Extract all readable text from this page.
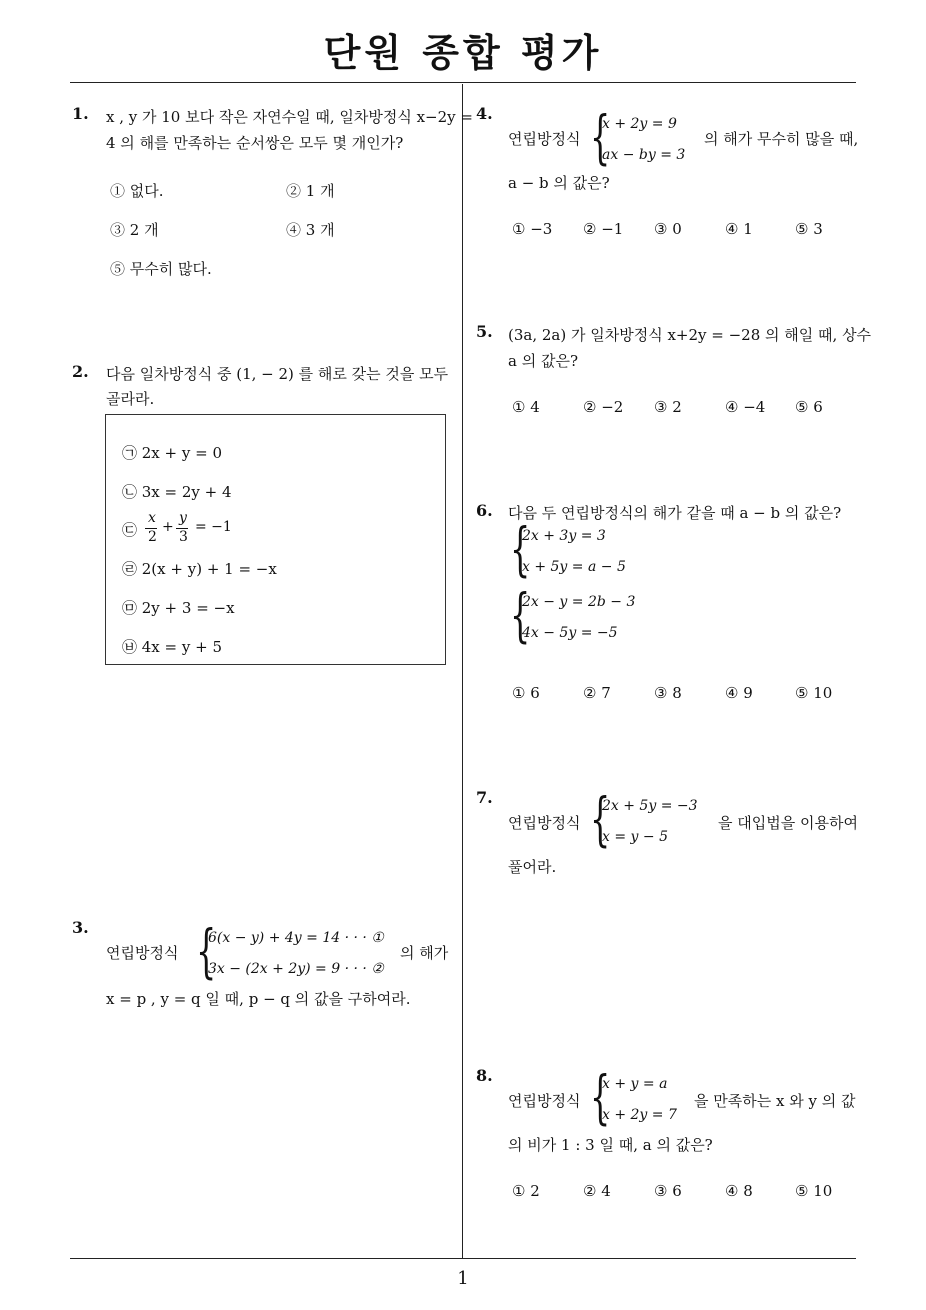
단원 종합 평가
1
1. x , y 가 10 보다 작은 자연수일 때, 일차방정식 x−2y =
4 의 해를 만족하는 순서쌍은 모두 몇 개인가?
① 없다.	② 1 개
③ 2 개	④ 3 개
⑤ 무수히 많다.
2. 다음 일차방정식 중 (1, − 2) 를 해로 갖는 것을 모두
골라라.
㉠ 2x + y = 0
㉡ 3x = 2y + 4
㉢
x
2
+
y
3
= −1
㉣ 2(x + y) + 1 = −x
㉤ 2y + 3 = −x
㉥ 4x = y + 5
3.
연립방정식 {
6(x − y) + 4y = 14 · · · ①
3x − (2x + 2y) = 9 · · · ②
의 해가
x = p , y = q 일 때, p − q 의 값을 구하여라.
4.
연립방정식 {
x + 2y = 9
ax − by = 3
의 해가 무수히 많을 때,
a − b 의 값은?
① −3 ② −1 ③ 0	④ 1	⑤ 3
5. (3a, 2a) 가 일차방정식 x+2y = −28 의 해일 때, 상수
a 의 값은?
① 4	② −2 ③ 2	④ −4 ⑤ 6
6. 다음 두 연립방정식의 해가 같을 때 a − b 의 값은?
{
2x + 3y = 3
x + 5y = a − 5
{
2x − y = 2b − 3
4x − 5y = −5
① 6	② 7	③ 8	④ 9	⑤ 10
7.
연립방정식 {
2x + 5y = −3
x = y − 5
을 대입법을 이용하여
풀어라.
8.
연립방정식 {
x + y = a
x + 2y = 7
을 만족하는 x 와 y 의 값
의 비가 1 : 3 일 때, a 의 값은?
① 2	② 4	③ 6	④ 8	⑤ 10
